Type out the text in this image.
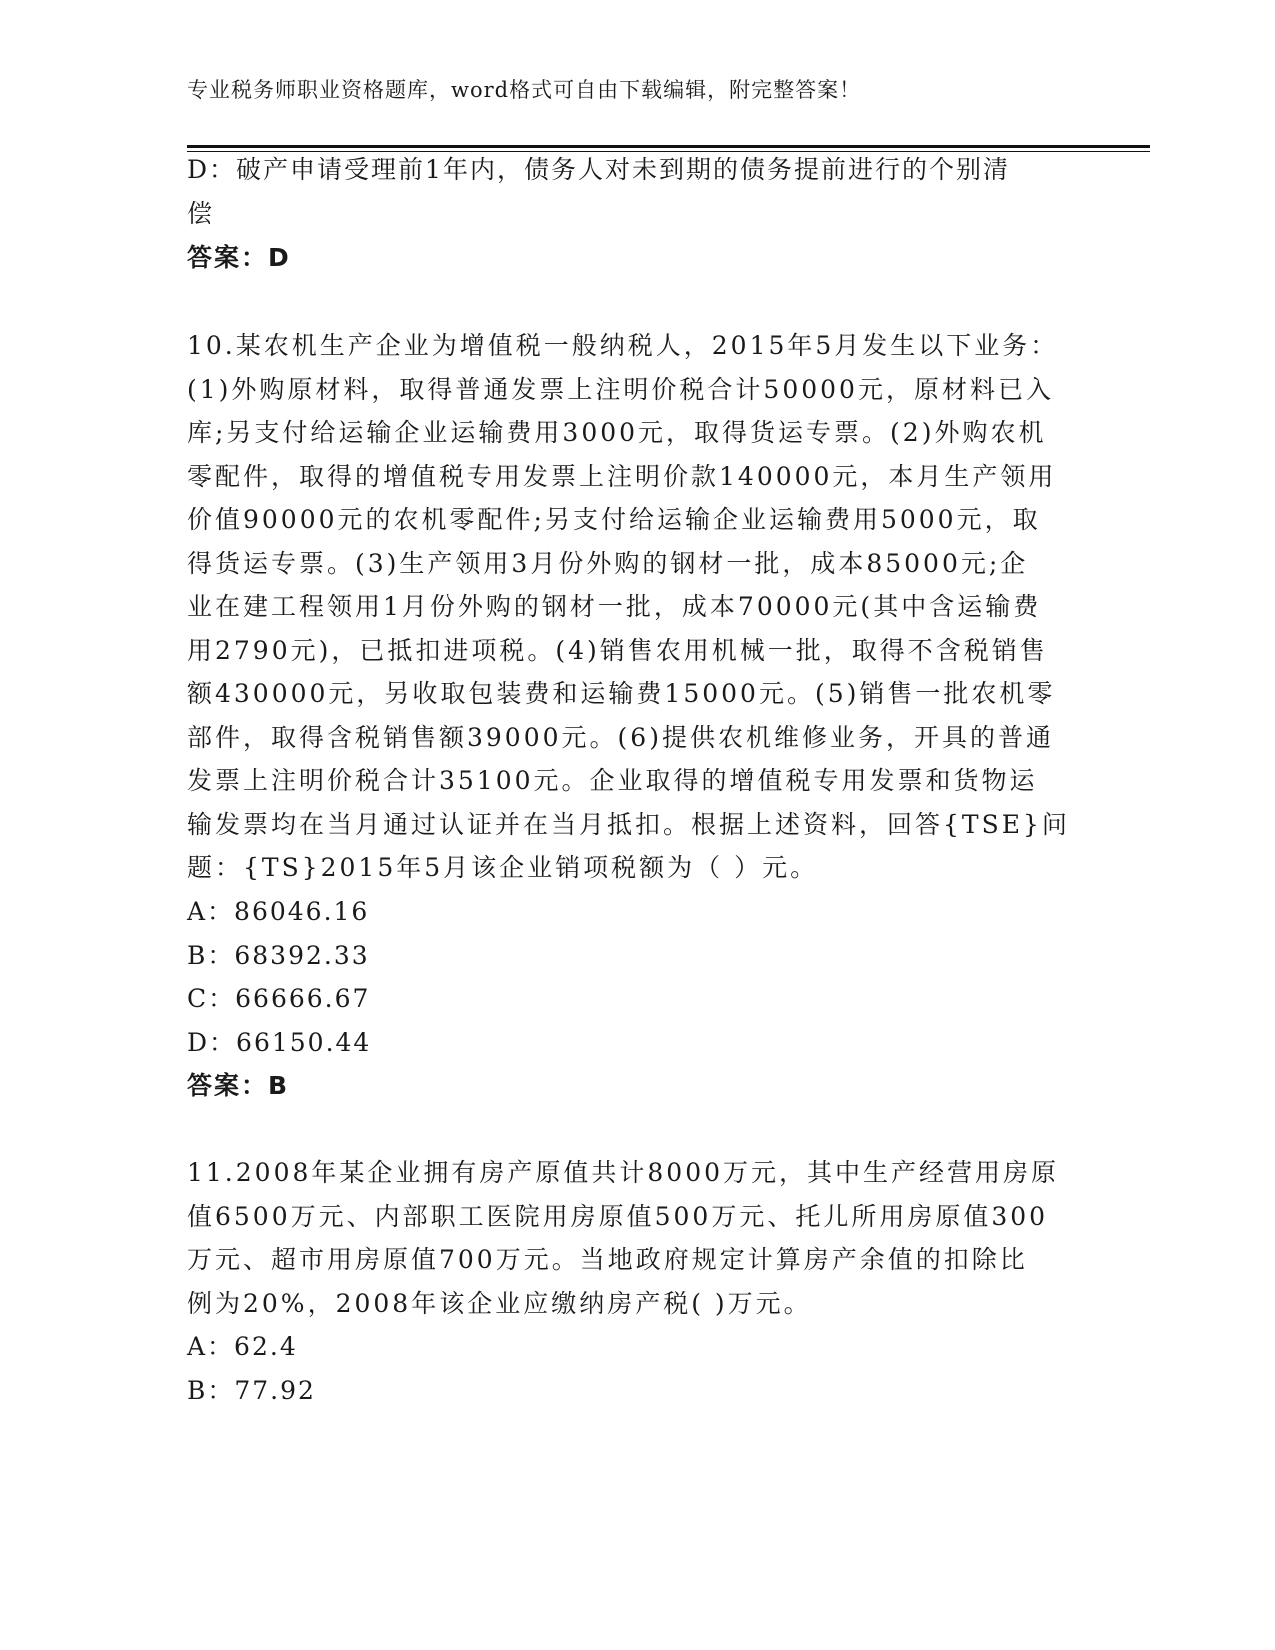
专业税务师职业资格题库，word格式可自由下载编辑，附完整答案！
D：破产申请受理前1年内，债务人对未到期的债务提前进行的个别清
偿
答案：D
10.某农机生产企业为增值税一般纳税人，2015年5月发生以下业务：
(1)外购原材料，取得普通发票上注明价税合计50000元，原材料已入
库;另支付给运输企业运输费用3000元，取得货运专票。(2)外购农机
零配件，取得的增值税专用发票上注明价款140000元，本月生产领用
价值90000元的农机零配件;另支付给运输企业运输费用5000元，取
得货运专票。(3)生产领用3月份外购的钢材一批，成本85000元;企
业在建工程领用1月份外购的钢材一批，成本70000元(其中含运输费
用2790元)，已抵扣进项税。(4)销售农用机械一批，取得不含税销售
额430000元，另收取包装费和运输费15000元。(5)销售一批农机零
部件，取得含税销售额39000元。(6)提供农机维修业务，开具的普通
发票上注明价税合计35100元。企业取得的增值税专用发票和货物运
输发票均在当月通过认证并在当月抵扣。根据上述资料，回答{TSE}问
题：{TS}2015年5月该企业销项税额为（ ）元。
A：86046.16
B：68392.33
C：66666.67
D：66150.44
答案：B
11.2008年某企业拥有房产原值共计8000万元，其中生产经营用房原
值6500万元、内部职工医院用房原值500万元、托儿所用房原值300
万元、超市用房原值700万元。当地政府规定计算房产余值的扣除比
例为20%，2008年该企业应缴纳房产税( )万元。
A：62.4
B：77.92
